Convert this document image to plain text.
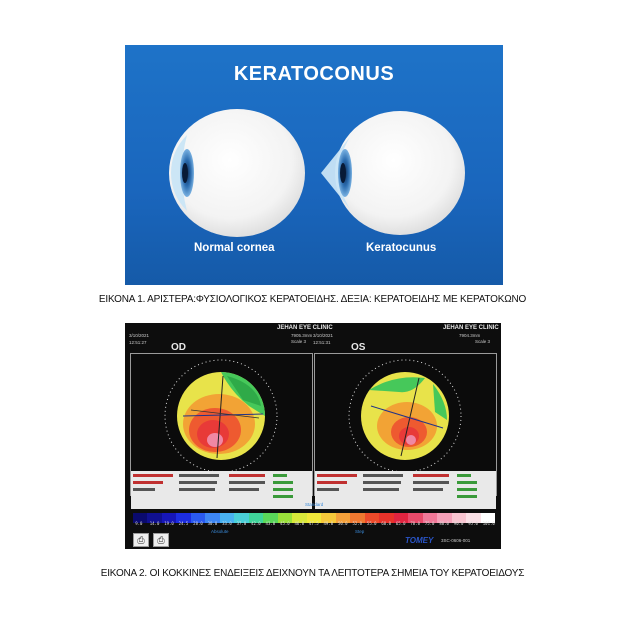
KERATOCONUS
Normal cornea	Keratocunus
ΕΙΚΟΝΑ 1. ΑΡΙΣΤΕΡΑ:ΦΥΣΙΟΛΟΓΙΚΟΣ ΚΕΡΑΤΟΕΙΔΗΣ. ΔΕΞΙΑ: ΚΕΡΑΤΟΕΙΔΗΣ ΜΕ ΚΕΡΑΤΟΚΩΝΟ
JEHAN EYE CLINIC	JEHAN EYE CLINIC
3/10/2021
12:51:27
7905.3mm
Scale 3
3/10/2021
12:51:31
7904.3mm
Scale 3
OD	OS
Standard
9.0 14.0 19.0 24.5 28.0 30.0 33.0 37.0 42.0 43.0 45.0 46.0 47.5 49.0 50.0 52.0 55.0 60.0 65.0 70.0 75.0 80.0 90.0 95.0 101.0
Absolute	Step
⎙	⎙	TOMEY 3SC-0606-001
ΕΙΚΟΝΑ 2. ΟΙ ΚΟΚΚΙΝΕΣ ΕΝΔΕΙΞΕΙΣ ΔΕΙΧΝΟΥΝ ΤΑ ΛΕΠΤΟΤΕΡΑ ΣΗΜΕΙΑ ΤΟΥ ΚΕΡΑΤΟΕΙΔΟΥΣ
